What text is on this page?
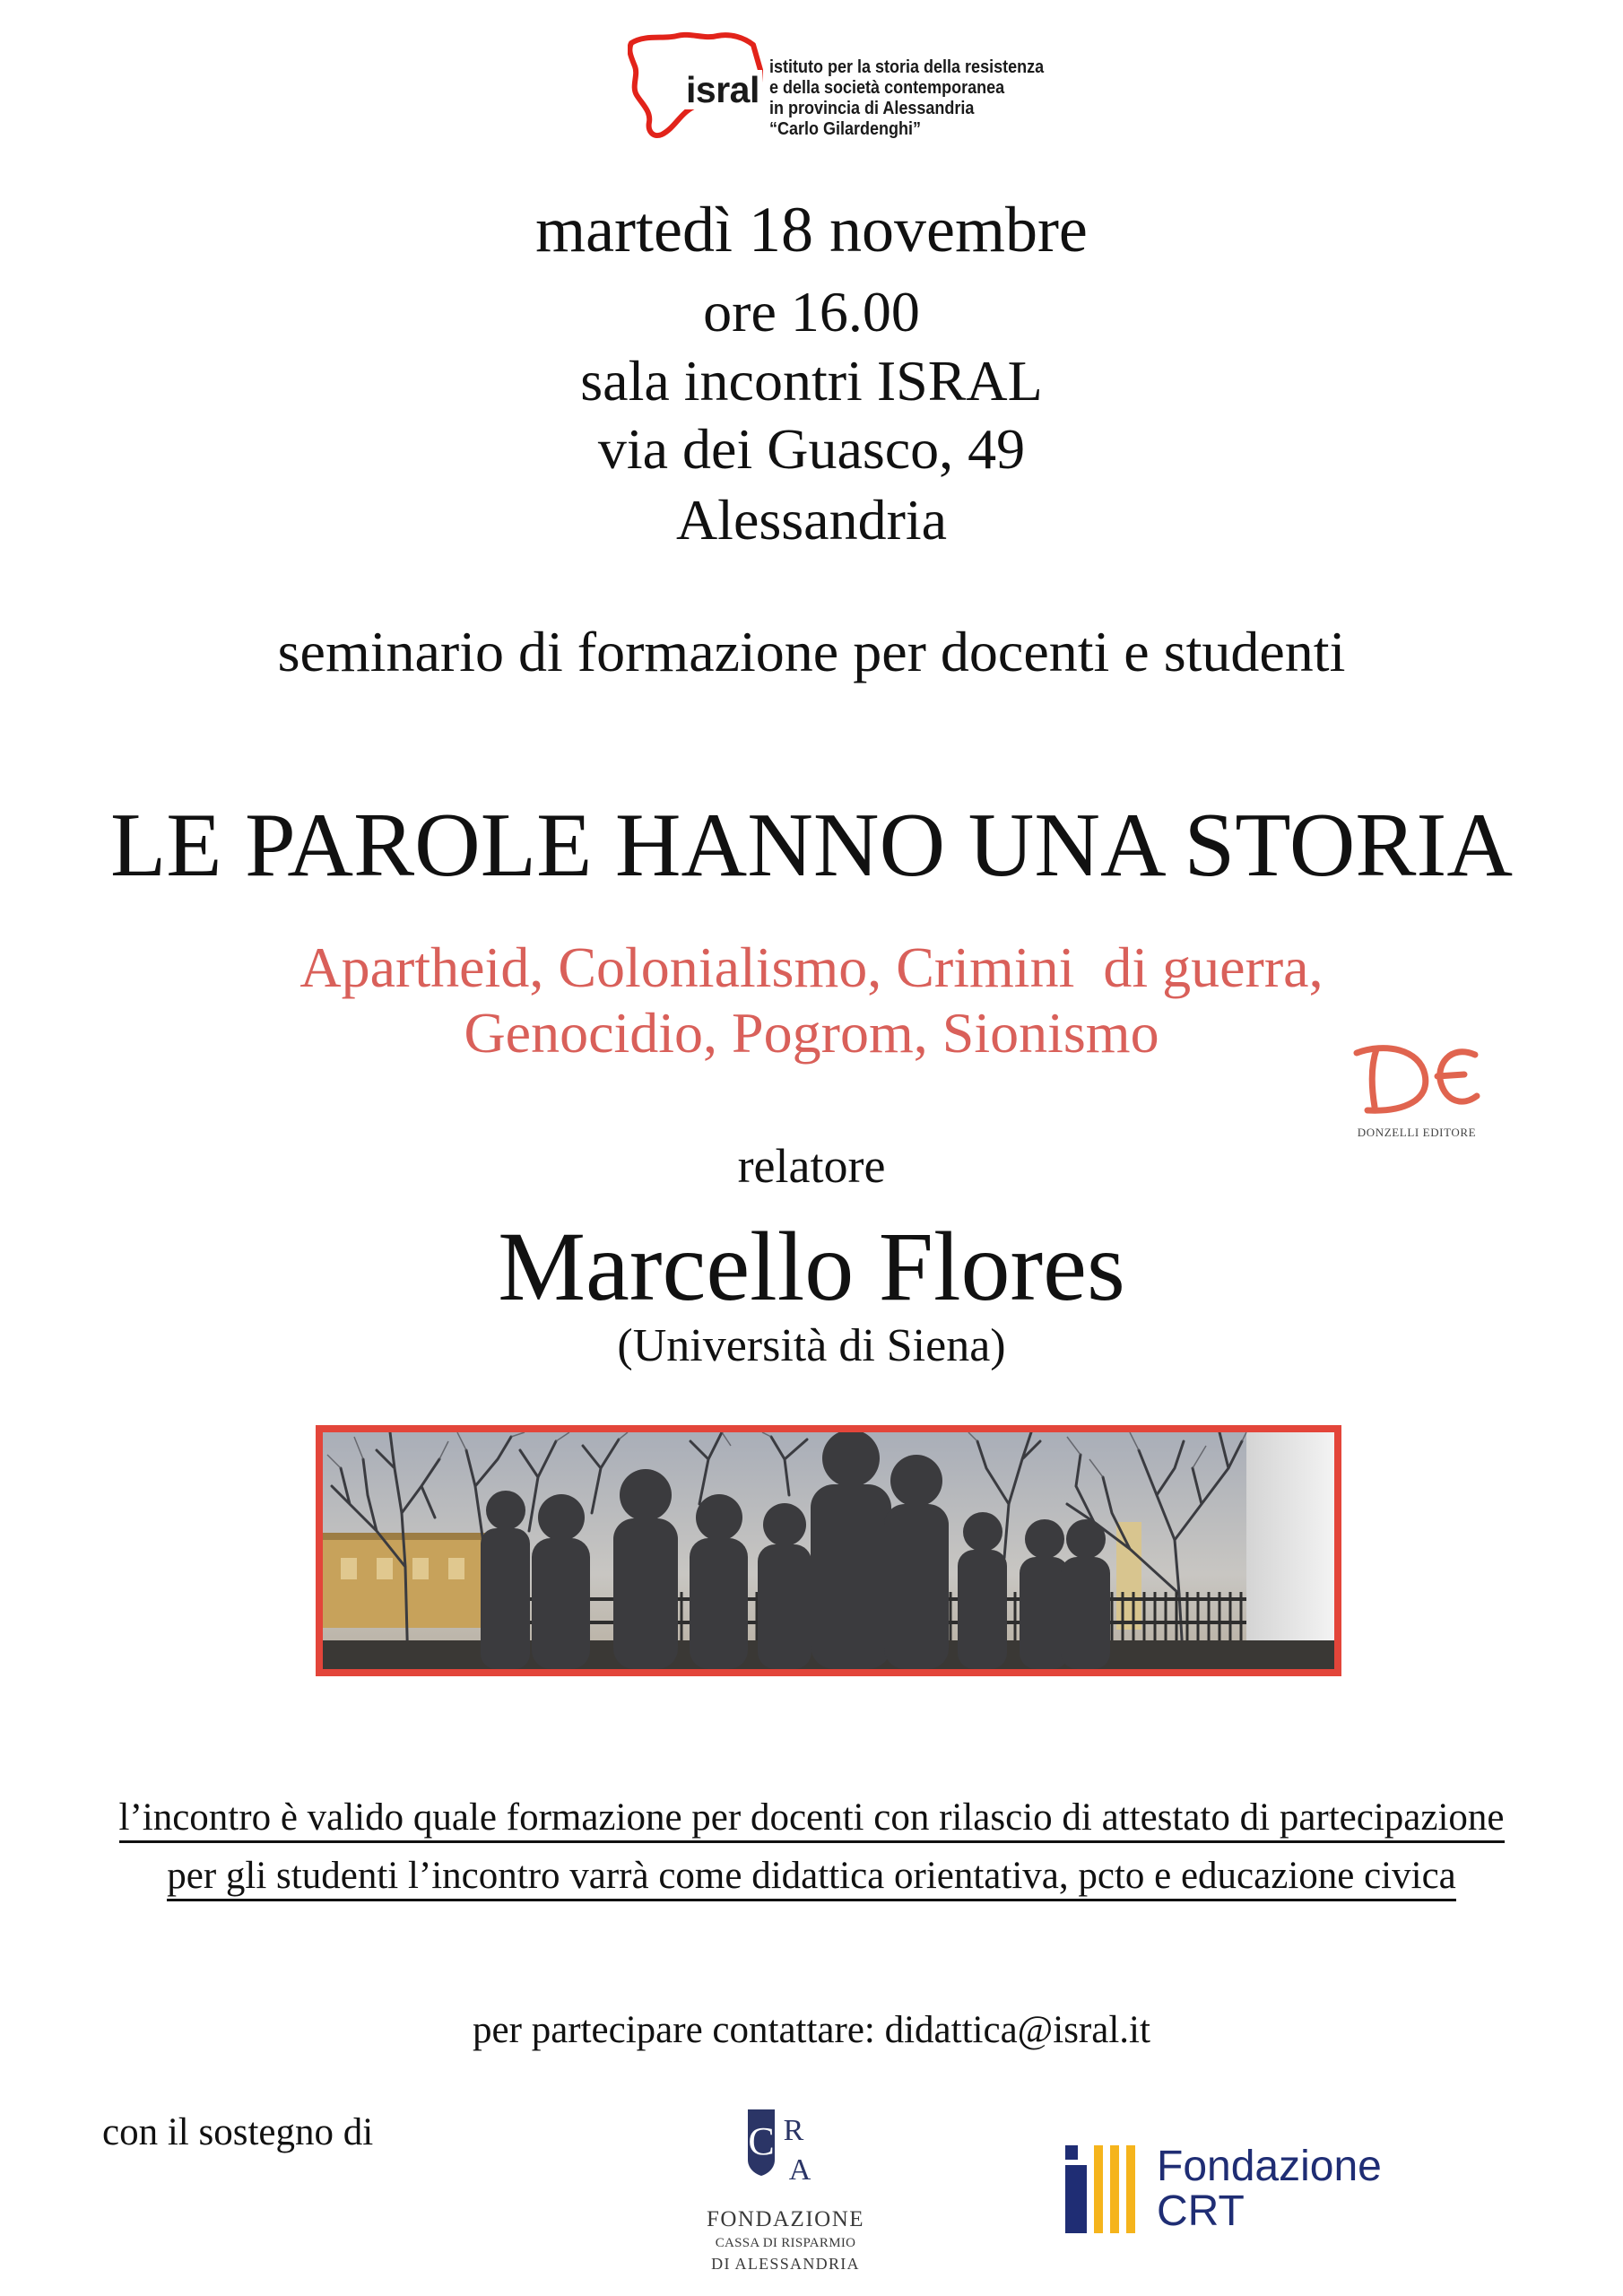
isral
istituto per la storia della resistenza
e della società contemporanea
in provincia di Alessandria
“Carlo Gilardenghi”
martedì 18 novembre
ore 16.00
sala incontri ISRAL
via dei Guasco, 49
Alessandria
seminario di formazione per docenti e studenti
LE PAROLE HANNO UNA STORIA
Apartheid, Colonialismo, Crimini  di guerra,
Genocidio, Pogrom, Sionismo
DONZELLI EDITORE
relatore
Marcello Flores
(Università di Siena)
l’incontro è valido quale formazione per docenti con rilascio di attestato di partecipazione
per gli studenti l’incontro varrà come didattica orientativa, pcto e educazione civica
per partecipare contattare: didattica@isral.it
con il sostegno di	C R
A
FONDAZIONE
CASSA DI RISPARMIO
DI ALESSANDRIA
Fondazione
CRT
